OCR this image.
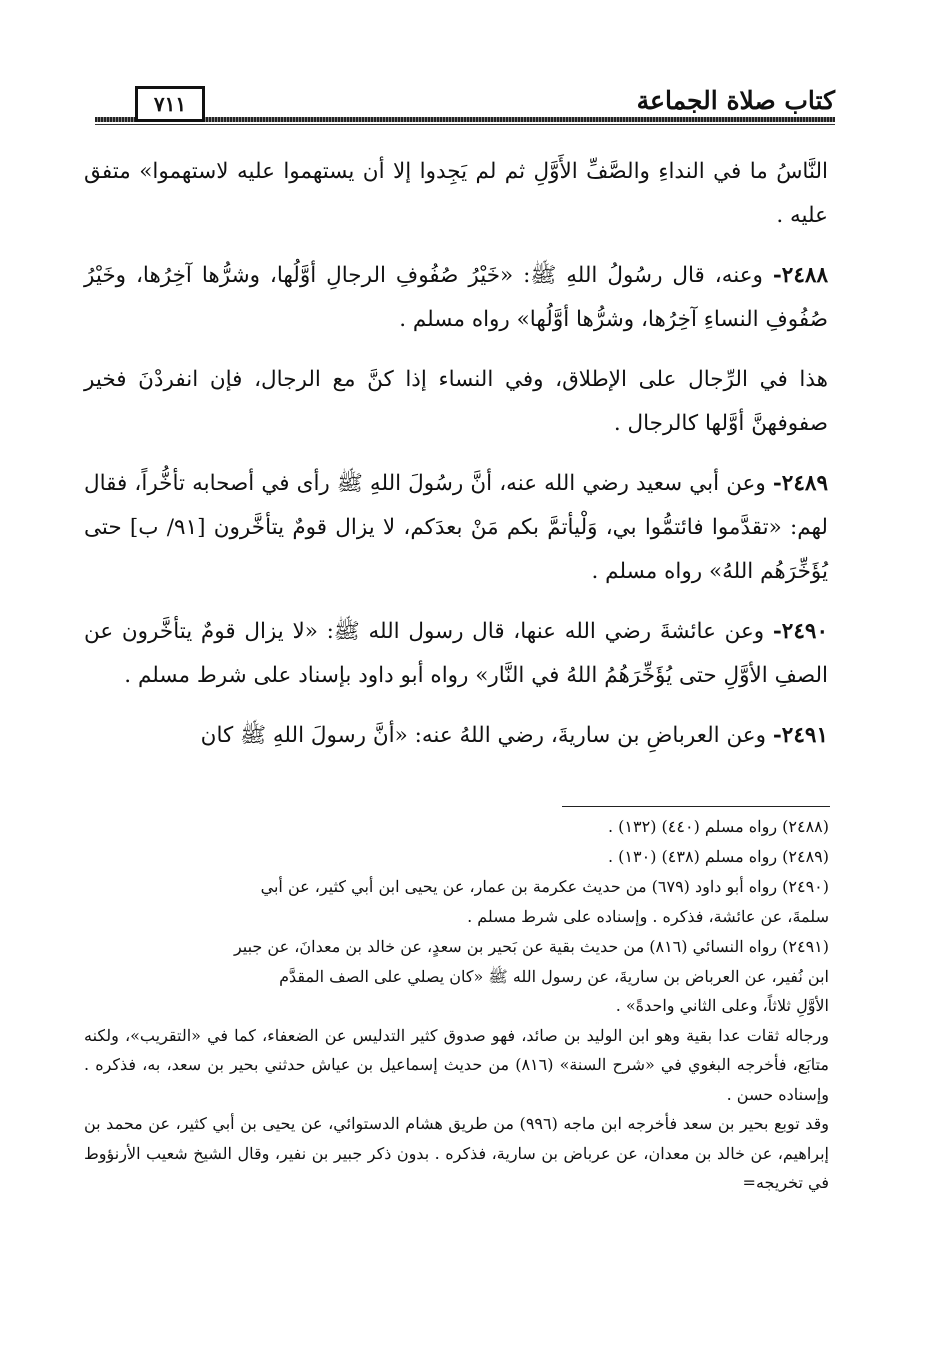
كتاب صلاة الجماعة
٧١١

النَّاسُ ما في النداءِ والصَّفِّ الأَوَّلِ ثم لم يَجِدوا إلا أن يستهموا عليه لاستهموا» متفق عليه .

٢٤٨٨- وعنه، قال رسُولُ اللهِ ﷺ: «خَيْرُ صُفُوفِ الرجالِ أوَّلُها، وشرُّها آخِرُها، وخَيْرُ صُفُوفِ النساءِ آخِرُها، وشرُّها أوَّلُها» رواه مسلم .

هذا في الرِّجال على الإطلاق، وفي النساء إذا كنَّ مع الرجال، فإن انفردْنَ فخير صفوفهنَّ أوَّلها كالرجال .

٢٤٨٩- وعن أبي سعيد رضي الله عنه، أنَّ رسُولَ اللهِ ﷺ رأى في أصحابه تأخُّراً، فقال لهم: «تقدَّموا فائتمُّوا بي، وَلْيأتمَّ بكم مَنْ بعدَكم، لا يزال قومٌ يتأخَّرون [٩١/ ب] حتى يُؤَخِّرَهُم اللهُ» رواه مسلم .

٢٤٩٠- وعن عائشةَ رضي الله عنها، قال رسول الله ﷺ: «لا يزال قومٌ يتأخَّرون عن الصفِ الأوَّلِ حتى يُؤَخِّرَهُمُ اللهُ في النَّار» رواه أبو داود بإسناد على شرط مسلم .

٢٤٩١- وعن العرباضِ بن ساريةَ، رضي اللهُ عنه: «أنَّ رسولَ اللهِ ﷺ كان

(٢٤٨٨) رواه مسلم (٤٤٠) (١٣٢) .

(٢٤٨٩) رواه مسلم (٤٣٨) (١٣٠) .

(٢٤٩٠) رواه أبو داود (٦٧٩) من حديث عكرمة بن عمار، عن يحيى ابن أبي كثير، عن أبي

سلمةَ، عن عائشة، فذكره . وإسناده على شرط مسلم .

(٢٤٩١) رواه النسائي (٨١٦) من حديث بقية عن بَحير بن سعدٍ، عن خالد بن معدانَ، عن جبير

ابن نُفير، عن العرباض بن ساريةَ، عن رسول الله ﷺ «كان يصلي على الصف المقدَّم

الأوَّلِ ثلاثاً، وعلى الثاني واحدةً» .

ورجاله ثقات عدا بقية وهو ابن الوليد بن صائد، فهو صدوق كثير التدليس عن الضعفاء، كما في «التقريب»، ولكنه متابَع، فأخرجه البغوي في «شرح السنة» (٨١٦) من حديث إسماعيل بن عياش حدثني بحير بن سعد، به، فذكره . وإسناده حسن .

وقد توبع بحير بن سعد فأخرجه ابن ماجه (٩٩٦) من طريق هشام الدستوائي، عن يحيى بن أبي كثير، عن محمد بن إبراهيم، عن خالد بن معدان، عن عرباض بن سارية، فذكره . بدون ذكر جبير بن نفير، وقال الشيخ شعيب الأرنؤوط في تخريجه=
